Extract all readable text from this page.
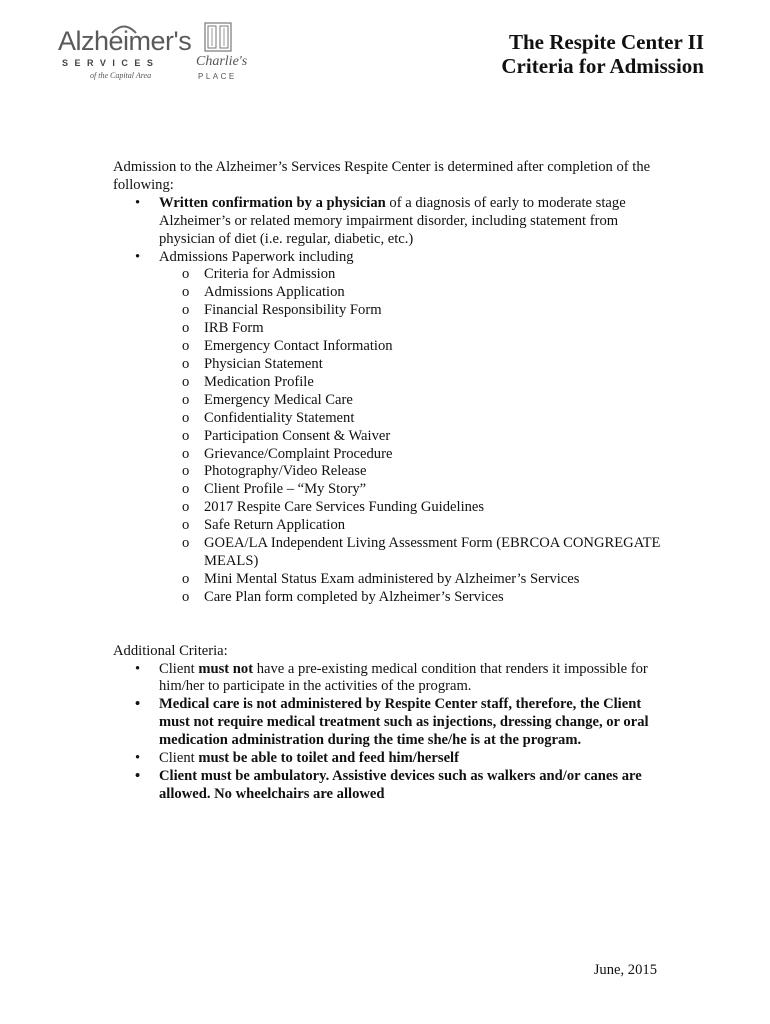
Alzheimer's
SERVICES
of the Capital Area
Charlie's
PLACE
The Respite Center II
Criteria for Admission

Admission to the Alzheimer’s Services Respite Center is determined after completion of the following:

• Written confirmation by a physician of a diagnosis of early to moderate stage Alzheimer’s or related memory impairment disorder, including statement from physician of diet (i.e. regular, diabetic, etc.)
• Admissions Paperwork including
o Criteria for Admission
o Admissions Application
o Financial Responsibility Form
o IRB Form
o Emergency Contact Information
o Physician Statement
o Medication Profile
o Emergency Medical Care
o Confidentiality Statement
o Participation Consent & Waiver
o Grievance/Complaint Procedure
o Photography/Video Release
o Client Profile – “My Story”
o 2017 Respite Care Services Funding Guidelines
o Safe Return Application
o GOEA/LA Independent Living Assessment Form (EBRCOA CONGREGATE MEALS)
o Mini Mental Status Exam administered by Alzheimer’s Services
o Care Plan form completed by Alzheimer’s Services

Additional Criteria:

• Client must not have a pre-existing medical condition that renders it impossible for him/her to participate in the activities of the program.
• Medical care is not administered by Respite Center staff, therefore, the Client must not require medical treatment such as injections, dressing change, or oral medication administration during the time she/he is at the program.
• Client must be able to toilet and feed him/herself
• Client must be ambulatory. Assistive devices such as walkers and/or canes are allowed. No wheelchairs are allowed
June, 2015
